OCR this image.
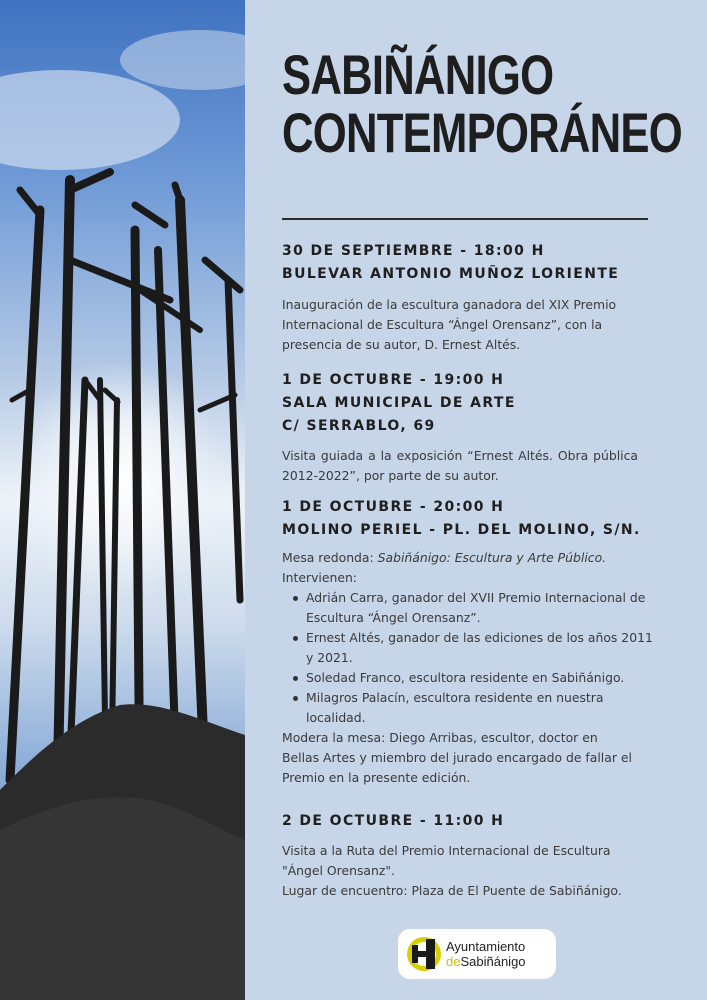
SABIÑÁNIGO
CONTEMPORÁNEO
30 DE SEPTIEMBRE - 18:00 H
BULEVAR ANTONIO MUÑOZ LORIENTE
Inauguración de la escultura ganadora del XIX Premio Internacional de Escultura “Ángel Orensanz”, con la presencia de su autor, D. Ernest Altés.
1 DE OCTUBRE - 19:00 H
SALA MUNICIPAL DE ARTE
C/ SERRABLO, 69
Visita guiada a la exposición “Ernest Altés. Obra pública 2012-2022”, por parte de su autor.
1 DE OCTUBRE - 20:00 H
MOLINO PERIEL - PL. DEL MOLINO, S/N.
Mesa redonda: Sabiñánigo: Escultura y Arte Público.
Intervienen:
Adrián Carra, ganador del XVII Premio Internacional de Escultura “Ángel Orensanz”.
Ernest Altés, ganador de las ediciones de los años 2011 y 2021.
Soledad Franco, escultora residente en Sabiñánigo.
Milagros Palacín, escultora residente en nuestra localidad.
Modera la mesa: Diego Arribas, escultor, doctor en Bellas Artes y miembro del jurado encargado de fallar el Premio en la presente edición.
2 DE OCTUBRE - 11:00 H
Visita a la Ruta del Premio Internacional de Escultura "Ángel Orensanz".
Lugar de encuentro: Plaza de El Puente de Sabiñánigo.
Ayuntamiento
deSabiñánigo
